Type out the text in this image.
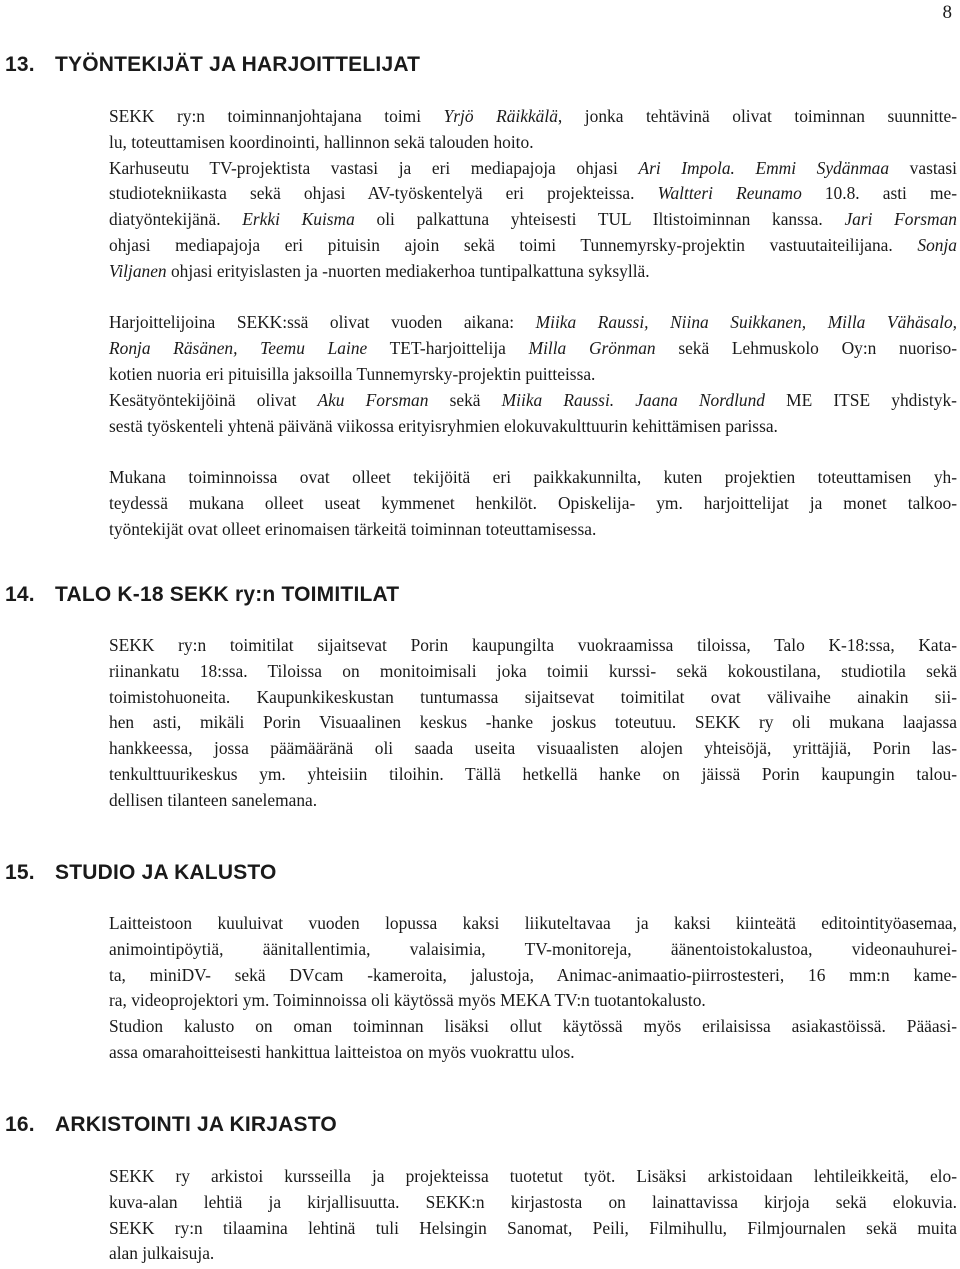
8
13. TYÖNTEKIJÄT JA HARJOITTELIJAT
SEKK ry:n toiminnanjohtajana toimi Yrjö Räikkälä, jonka tehtävinä olivat toiminnan suunnitte-
lu, toteuttamisen koordinointi, hallinnon sekä talouden hoito.
Karhuseutu TV-projektista vastasi ja eri mediapajoja ohjasi Ari Impola. Emmi Sydänmaa vastasi
studiotekniikasta sekä ohjasi AV-työskentelyä eri projekteissa. Waltteri Reunamo 10.8. asti me-
diatyöntekijänä. Erkki Kuisma oli palkattuna yhteisesti TUL Iltistoiminnan kanssa. Jari Forsman
ohjasi mediapajoja eri pituisin ajoin sekä toimi Tunnemyrsky-projektin vastuutaiteilijana. Sonja
Viljanen ohjasi erityislasten ja -nuorten mediakerhoa tuntipalkattuna syksyllä.
Harjoittelijoina SEKK:ssä olivat vuoden aikana: Miika Raussi, Niina Suikkanen, Milla Vähäsalo,
Ronja Räsänen, Teemu Laine TET-harjoittelija Milla Grönman sekä Lehmuskolo Oy:n nuoriso-
kotien nuoria eri pituisilla jaksoilla Tunnemyrsky-projektin puitteissa.
Kesätyöntekijöinä olivat Aku Forsman sekä Miika Raussi. Jaana Nordlund ME ITSE yhdistyk-
sestä työskenteli yhtenä päivänä viikossa erityisryhmien elokuvakulttuurin kehittämisen parissa.
Mukana toiminnoissa ovat olleet tekijöitä eri paikkakunnilta, kuten projektien toteuttamisen yh-
teydessä mukana olleet useat kymmenet henkilöt. Opiskelija- ym. harjoittelijat ja monet talkoo-
työntekijät ovat olleet erinomaisen tärkeitä toiminnan toteuttamisessa.
14. TALO K-18 SEKK ry:n TOIMITILAT
SEKK ry:n toimitilat sijaitsevat Porin kaupungilta vuokraamissa tiloissa, Talo K-18:ssa, Kata-
riinankatu 18:ssa. Tiloissa on monitoimisali joka toimii kurssi- sekä kokoustilana, studiotila sekä
toimistohuoneita. Kaupunkikeskustan tuntumassa sijaitsevat toimitilat ovat välivaihe ainakin sii-
hen asti, mikäli Porin Visuaalinen keskus -hanke joskus toteutuu. SEKK ry oli mukana laajassa
hankkeessa, jossa päämääränä oli saada useita visuaalisten alojen yhteisöjä, yrittäjiä, Porin las-
tenkulttuurikeskus ym. yhteisiin tiloihin. Tällä hetkellä hanke on jäissä Porin kaupungin talou-
dellisen tilanteen sanelemana.
15. STUDIO JA KALUSTO
Laitteistoon kuuluivat vuoden lopussa kaksi liikuteltavaa ja kaksi kiinteätä editointityöasemaa,
animointipöytiä, äänitallentimia, valaisimia, TV-monitoreja, äänentoistokalustoa, videonauhurei-
ta, miniDV- sekä DVcam -kameroita, jalustoja, Animac-animaatio-piirrostesteri, 16 mm:n kame-
ra, videoprojektori ym. Toiminnoissa oli käytössä myös MEKA TV:n tuotantokalusto.
Studion kalusto on oman toiminnan lisäksi ollut käytössä myös erilaisissa asiakastöissä. Pääasi-
assa omarahoitteisesti hankittua laitteistoa on myös vuokrattu ulos.
16. ARKISTOINTI JA KIRJASTO
SEKK ry arkistoi kursseilla ja projekteissa tuotetut työt. Lisäksi arkistoidaan lehtileikkeitä, elo-
kuva-alan lehtiä ja kirjallisuutta. SEKK:n kirjastosta on lainattavissa kirjoja sekä elokuvia.
SEKK ry:n tilaamina lehtinä tuli Helsingin Sanomat, Peili, Filmihullu, Filmjournalen sekä muita
alan julkaisuja.
